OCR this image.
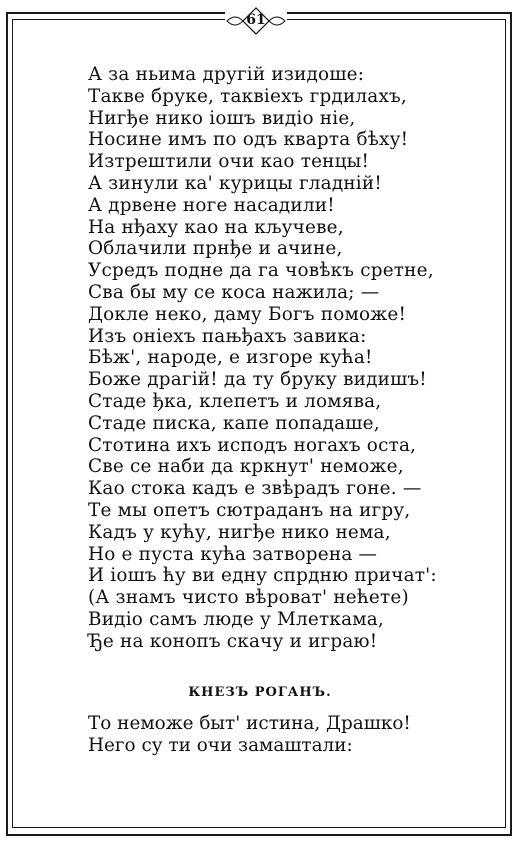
61
А за ньима другiй изидоше:
Такве бруке, таквiехъ грдилахъ,
Нигђе нико iошъ видiо нiе,
Носине имъ по одъ кварта бѣху!
Изтрештили очи као тенцы!
А зинули ка' курицы гладнiй!
А дрвене ноге насадили!
На нђаху као на кључеве,
Облачили прнђе и ачине,
Усредъ подне да га човѣкъ сретне,
Сва бы му се коса нажила; —
Докле неко, даму Богъ поможе!
Изъ онiехъ пањђахъ завика:
Бѣж', народе, е изгоре кућа!
Боже драгiй! да ту бруку видишъ!
Стаде ђка, клепетъ и ломява,
Стаде писка, капе попадаше,
Стотина ихъ исподъ ногахъ оста,
Све се наби да кркнут' неможе,
Као стока кадъ е звѣрадъ гоне. —
Те мы опетъ сютраданъ на игру,
Кадъ у кућу, нигђе нико нема,
Но е пуста кућа затворена —
И iошъ ћу ви едну спрдню причат':
(А знамъ чисто вѣроват' нећете)
Видiо самъ люде у Млеткама,
Ђе на конопъ скачу и играю!
КНЕЗЪ РОГАНЪ.
То неможе быт' истина, Драшко!
Него су ти очи замаштали:
